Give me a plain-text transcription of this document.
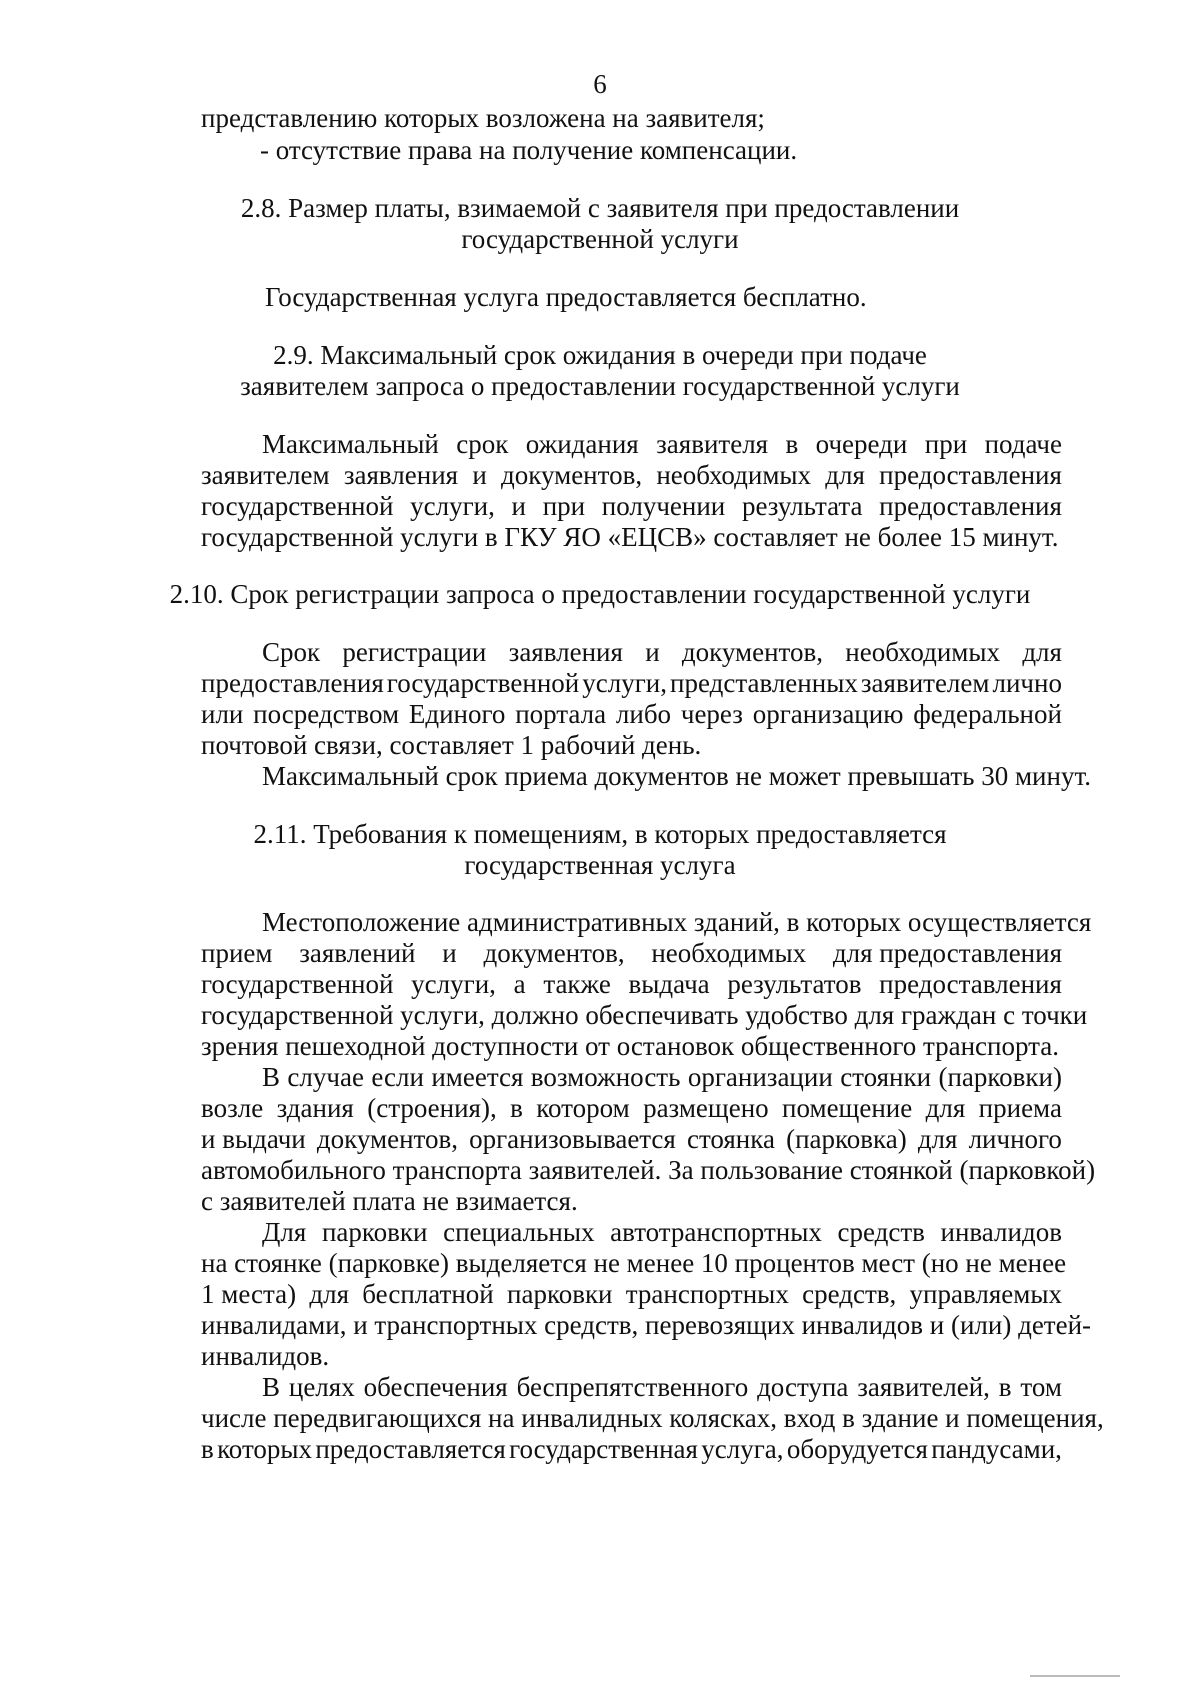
6
представлению которых возложена на заявителя;
- отсутствие права на получение компенсации.
2.8. Размер платы, взимаемой с заявителя при предоставлении
государственной услуги
Государственная услуга предоставляется бесплатно.
2.9. Максимальный срок ожидания в очереди при подаче
заявителем запроса о предоставлении государственной услуги
Максимальный срок ожидания заявителя в очереди при подаче
заявителем заявления и документов, необходимых для предоставления
государственной услуги, и при получении результата предоставления
государственной услуги в ГКУ ЯО «ЕЦСВ» составляет не более 15 минут.
2.10. Срок регистрации запроса о предоставлении государственной услуги
Срок регистрации заявления и документов, необходимых для
предоставления государственной услуги, представленных заявителем лично
или посредством Единого портала либо через организацию федеральной
почтовой связи, составляет 1 рабочий день.
Максимальный срок приема документов не может превышать 30 минут.
2.11. Требования к помещениям, в которых предоставляется
государственная услуга
Местоположение административных зданий, в которых осуществляется
прием заявлений и документов, необходимых для предоставления
государственной услуги, а также выдача результатов предоставления
государственной услуги, должно обеспечивать удобство для граждан с точки
зрения пешеходной доступности от остановок общественного транспорта.
В случае если имеется возможность организации стоянки (парковки)
возле здания (строения), в котором размещено помещение для приема
и выдачи документов, организовывается стоянка (парковка) для личного
автомобильного транспорта заявителей. За пользование стоянкой (парковкой)
с заявителей плата не взимается.
Для парковки специальных автотранспортных средств инвалидов
на стоянке (парковке) выделяется не менее 10 процентов мест (но не менее
1 места) для бесплатной парковки транспортных средств, управляемых
инвалидами, и транспортных средств, перевозящих инвалидов и (или) детей-
инвалидов.
В целях обеспечения беспрепятственного доступа заявителей, в том
числе передвигающихся на инвалидных колясках, вход в здание и помещения,
в которых предоставляется государственная услуга, оборудуется пандусами,
